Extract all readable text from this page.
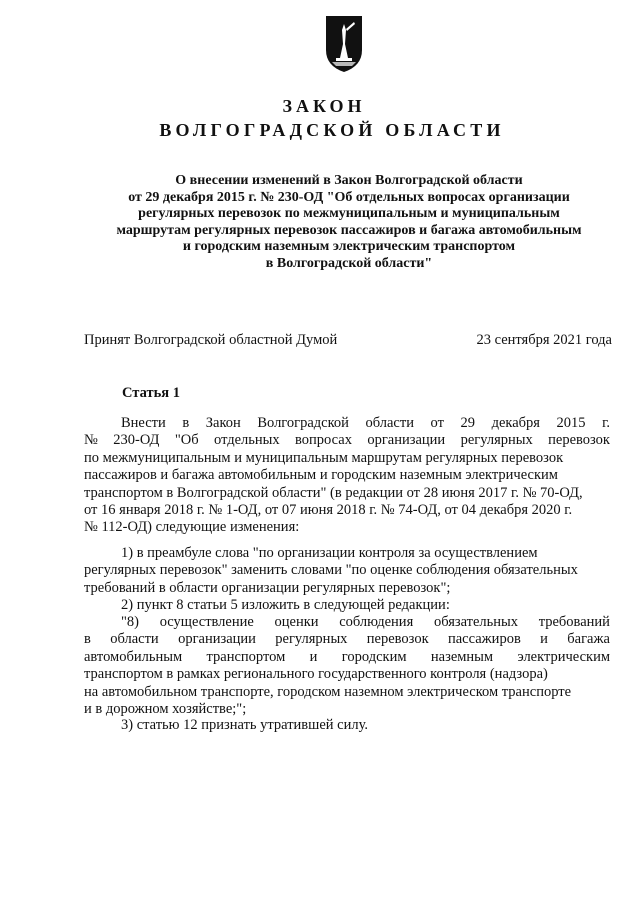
ЗАКОН
ВОЛГОГРАДСКОЙ ОБЛАСТИ
О внесении изменений в Закон Волгоградской области
от 29 декабря 2015 г. № 230-ОД "Об отдельных вопросах организации
регулярных перевозок по межмуниципальным и муниципальным
маршрутам регулярных перевозок пассажиров и багажа автомобильным
и городским наземным электрическим транспортом
в Волгоградской области"
Принят Волгоградской областной Думой	23 сентября 2021 года
Статья 1
Внести в Закон Волгоградской области от 29 декабря 2015 г.
№ 230-ОД "Об отдельных вопросах организации регулярных перевозок
по межмуниципальным и муниципальным маршрутам регулярных перевозок
пассажиров и багажа автомобильным и городским наземным электрическим
транспортом в Волгоградской области" (в редакции от 28 июня 2017 г. № 70-ОД,
от 16 января 2018 г. № 1-ОД, от 07 июня 2018 г. № 74-ОД, от 04 декабря 2020 г.
№ 112-ОД) следующие изменения:
1) в преамбуле слова "по организации контроля за осуществлением
регулярных перевозок" заменить словами "по оценке соблюдения обязательных
требований в области организации регулярных перевозок";
2) пункт 8 статьи 5 изложить в следующей редакции:
"8) осуществление оценки соблюдения обязательных требований
в области организации регулярных перевозок пассажиров и багажа
автомобильным транспортом и городским наземным электрическим
транспортом в рамках регионального государственного контроля (надзора)
на автомобильном транспорте, городском наземном электрическом транспорте
и в дорожном хозяйстве;";
3) статью 12 признать утратившей силу.
